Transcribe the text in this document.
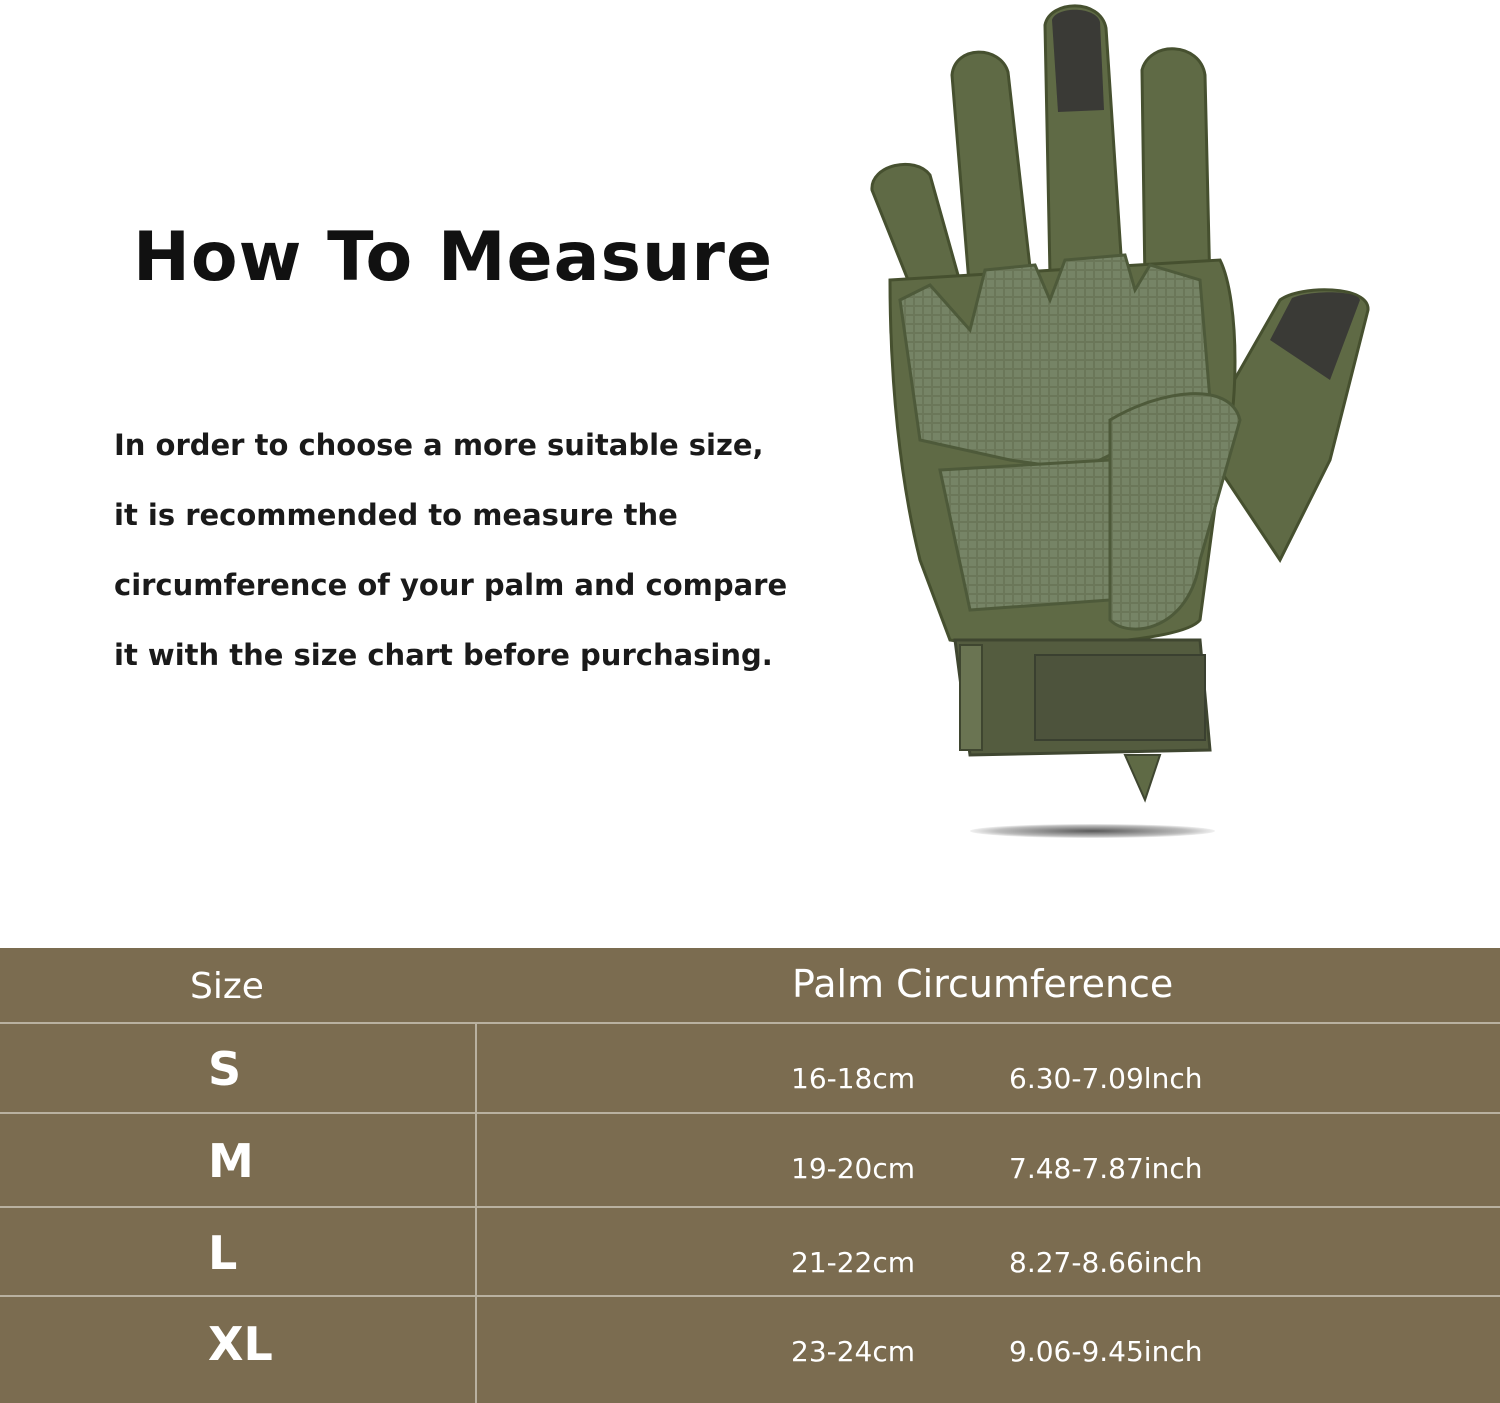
How To Measure
In order to choose a more suitable size,
it is recommended to measure the
circumference of your palm and compare
it with the size chart before purchasing.
Size	Palm Circumference
S	16-18cm	6.30-7.09lnch
M	19-20cm	7.48-7.87inch
L	21-22cm	8.27-8.66inch
XL	23-24cm	9.06-9.45inch
